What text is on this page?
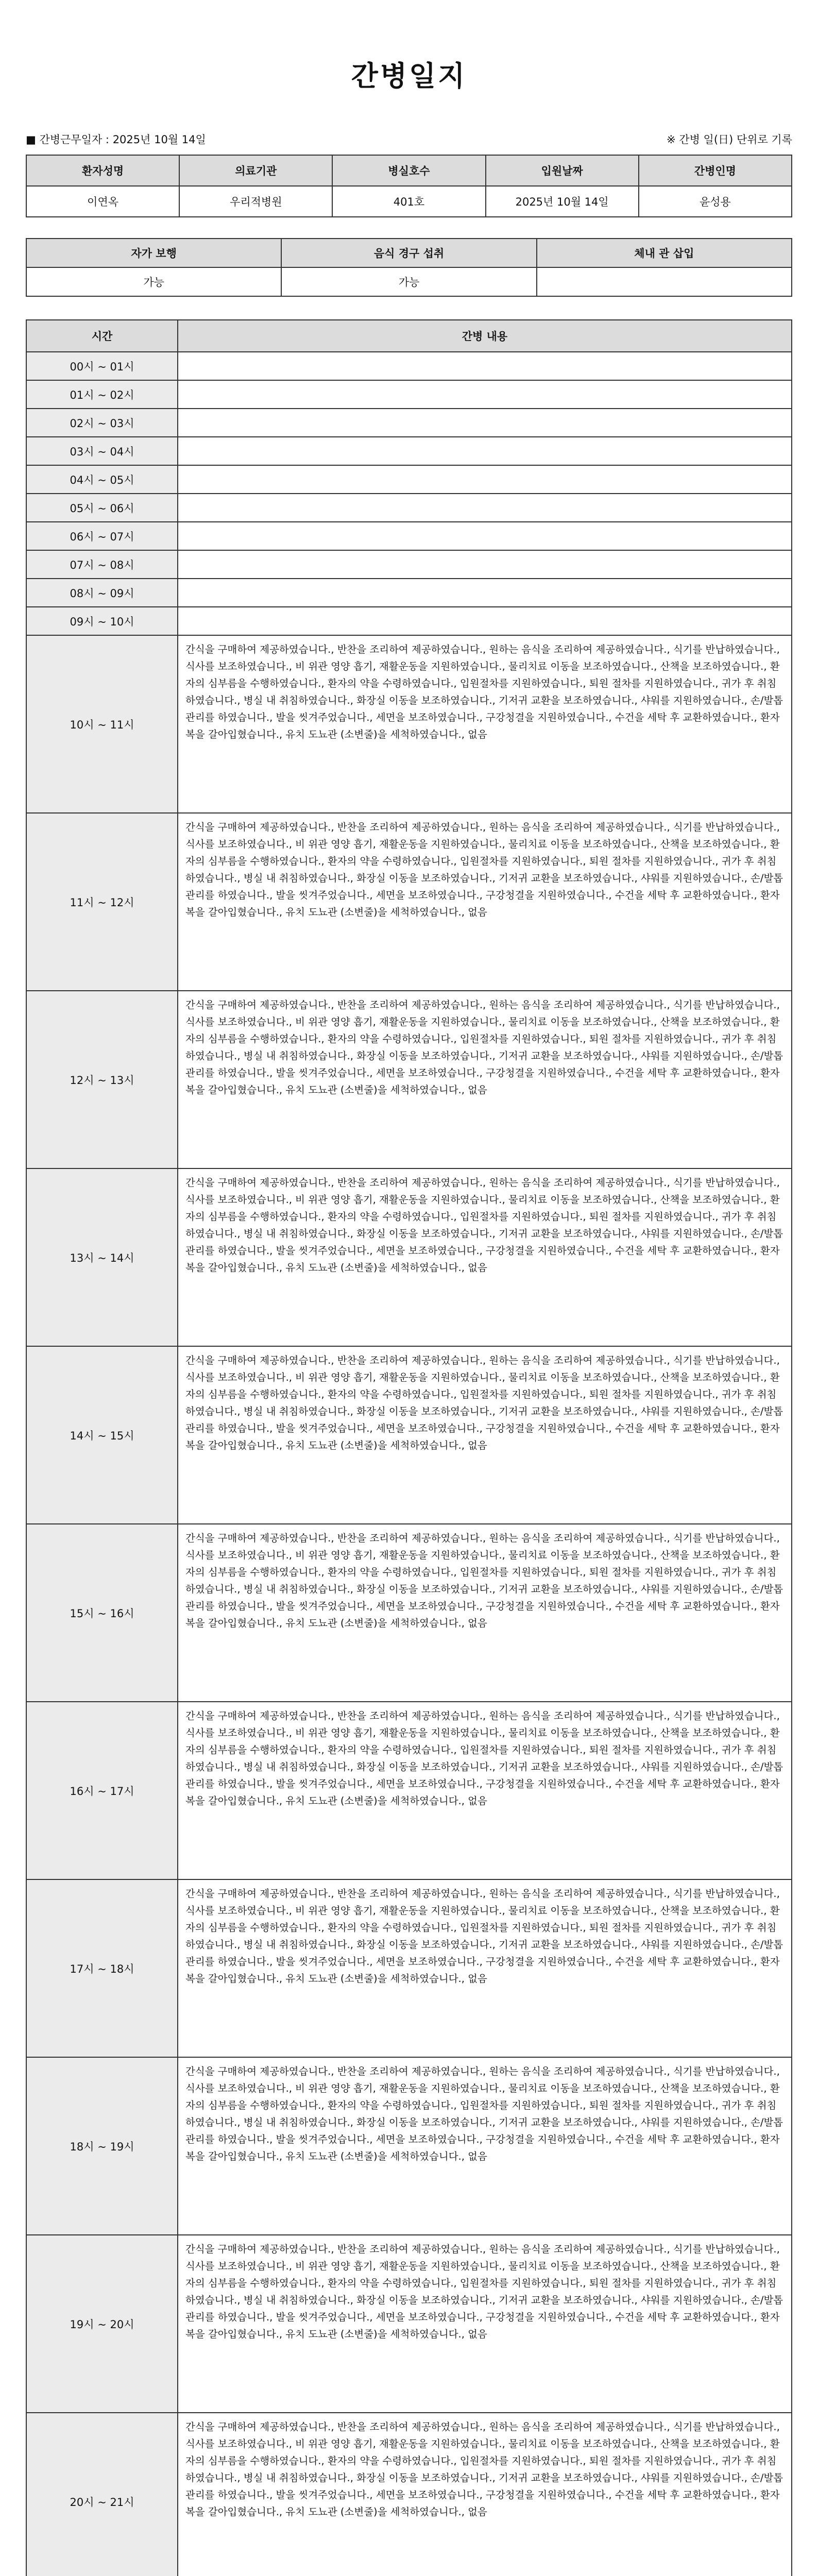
간병일지
■ 간병근무일자 : 2025년 10월 14일	※ 간병 일(日) 단위로 기록
환자성명	의료기관	병실호수	입원날짜	간병인명
이연옥	우리적병원	401호	2025년 10월 14일	윤성용
자가 보행	음식 경구 섭취	체내 관 삽입
가능	가능	
시간	간병 내용
00시 ~ 01시	
01시 ~ 02시	
02시 ~ 03시	
03시 ~ 04시	
04시 ~ 05시	
05시 ~ 06시	
06시 ~ 07시	
07시 ~ 08시	
08시 ~ 09시	
09시 ~ 10시	
10시 ~ 11시	간식을 구매하여 제공하였습니다., 반찬을 조리하여 제공하였습니다., 원하는 음식을 조리하여 제공하였습니다., 식기를 반납하였습니다., 식사를 보조하였습니다., 비 위관 영양 흡기, 재활운동을 지원하였습니다., 물리치료 이동을 보조하였습니다., 산책을 보조하였습니다., 환자의 심부름을 수행하였습니다., 환자의 약을 수령하였습니다., 입원절차를 지원하였습니다., 퇴원 절차를 지원하였습니다., 귀가 후 취침하였습니다., 병실 내 취침하였습니다., 화장실 이동을 보조하였습니다., 기저귀 교환을 보조하였습니다., 샤워를 지원하였습니다., 손/발톱 관리를 하였습니다., 발을 씻겨주었습니다., 세면을 보조하였습니다., 구강청결을 지원하였습니다., 수건을 세탁 후 교환하였습니다., 환자복을 갈아입혔습니다., 유치 도뇨관 (소변줄)을 세척하였습니다., 없음
11시 ~ 12시	간식을 구매하여 제공하였습니다., 반찬을 조리하여 제공하였습니다., 원하는 음식을 조리하여 제공하였습니다., 식기를 반납하였습니다., 식사를 보조하였습니다., 비 위관 영양 흡기, 재활운동을 지원하였습니다., 물리치료 이동을 보조하였습니다., 산책을 보조하였습니다., 환자의 심부름을 수행하였습니다., 환자의 약을 수령하였습니다., 입원절차를 지원하였습니다., 퇴원 절차를 지원하였습니다., 귀가 후 취침하였습니다., 병실 내 취침하였습니다., 화장실 이동을 보조하였습니다., 기저귀 교환을 보조하였습니다., 샤워를 지원하였습니다., 손/발톱 관리를 하였습니다., 발을 씻겨주었습니다., 세면을 보조하였습니다., 구강청결을 지원하였습니다., 수건을 세탁 후 교환하였습니다., 환자복을 갈아입혔습니다., 유치 도뇨관 (소변줄)을 세척하였습니다., 없음
12시 ~ 13시	간식을 구매하여 제공하였습니다., 반찬을 조리하여 제공하였습니다., 원하는 음식을 조리하여 제공하였습니다., 식기를 반납하였습니다., 식사를 보조하였습니다., 비 위관 영양 흡기, 재활운동을 지원하였습니다., 물리치료 이동을 보조하였습니다., 산책을 보조하였습니다., 환자의 심부름을 수행하였습니다., 환자의 약을 수령하였습니다., 입원절차를 지원하였습니다., 퇴원 절차를 지원하였습니다., 귀가 후 취침하였습니다., 병실 내 취침하였습니다., 화장실 이동을 보조하였습니다., 기저귀 교환을 보조하였습니다., 샤워를 지원하였습니다., 손/발톱 관리를 하였습니다., 발을 씻겨주었습니다., 세면을 보조하였습니다., 구강청결을 지원하였습니다., 수건을 세탁 후 교환하였습니다., 환자복을 갈아입혔습니다., 유치 도뇨관 (소변줄)을 세척하였습니다., 없음
13시 ~ 14시	간식을 구매하여 제공하였습니다., 반찬을 조리하여 제공하였습니다., 원하는 음식을 조리하여 제공하였습니다., 식기를 반납하였습니다., 식사를 보조하였습니다., 비 위관 영양 흡기, 재활운동을 지원하였습니다., 물리치료 이동을 보조하였습니다., 산책을 보조하였습니다., 환자의 심부름을 수행하였습니다., 환자의 약을 수령하였습니다., 입원절차를 지원하였습니다., 퇴원 절차를 지원하였습니다., 귀가 후 취침하였습니다., 병실 내 취침하였습니다., 화장실 이동을 보조하였습니다., 기저귀 교환을 보조하였습니다., 샤워를 지원하였습니다., 손/발톱 관리를 하였습니다., 발을 씻겨주었습니다., 세면을 보조하였습니다., 구강청결을 지원하였습니다., 수건을 세탁 후 교환하였습니다., 환자복을 갈아입혔습니다., 유치 도뇨관 (소변줄)을 세척하였습니다., 없음
14시 ~ 15시	간식을 구매하여 제공하였습니다., 반찬을 조리하여 제공하였습니다., 원하는 음식을 조리하여 제공하였습니다., 식기를 반납하였습니다., 식사를 보조하였습니다., 비 위관 영양 흡기, 재활운동을 지원하였습니다., 물리치료 이동을 보조하였습니다., 산책을 보조하였습니다., 환자의 심부름을 수행하였습니다., 환자의 약을 수령하였습니다., 입원절차를 지원하였습니다., 퇴원 절차를 지원하였습니다., 귀가 후 취침하였습니다., 병실 내 취침하였습니다., 화장실 이동을 보조하였습니다., 기저귀 교환을 보조하였습니다., 샤워를 지원하였습니다., 손/발톱 관리를 하였습니다., 발을 씻겨주었습니다., 세면을 보조하였습니다., 구강청결을 지원하였습니다., 수건을 세탁 후 교환하였습니다., 환자복을 갈아입혔습니다., 유치 도뇨관 (소변줄)을 세척하였습니다., 없음
15시 ~ 16시	간식을 구매하여 제공하였습니다., 반찬을 조리하여 제공하였습니다., 원하는 음식을 조리하여 제공하였습니다., 식기를 반납하였습니다., 식사를 보조하였습니다., 비 위관 영양 흡기, 재활운동을 지원하였습니다., 물리치료 이동을 보조하였습니다., 산책을 보조하였습니다., 환자의 심부름을 수행하였습니다., 환자의 약을 수령하였습니다., 입원절차를 지원하였습니다., 퇴원 절차를 지원하였습니다., 귀가 후 취침하였습니다., 병실 내 취침하였습니다., 화장실 이동을 보조하였습니다., 기저귀 교환을 보조하였습니다., 샤워를 지원하였습니다., 손/발톱 관리를 하였습니다., 발을 씻겨주었습니다., 세면을 보조하였습니다., 구강청결을 지원하였습니다., 수건을 세탁 후 교환하였습니다., 환자복을 갈아입혔습니다., 유치 도뇨관 (소변줄)을 세척하였습니다., 없음
16시 ~ 17시	간식을 구매하여 제공하였습니다., 반찬을 조리하여 제공하였습니다., 원하는 음식을 조리하여 제공하였습니다., 식기를 반납하였습니다., 식사를 보조하였습니다., 비 위관 영양 흡기, 재활운동을 지원하였습니다., 물리치료 이동을 보조하였습니다., 산책을 보조하였습니다., 환자의 심부름을 수행하였습니다., 환자의 약을 수령하였습니다., 입원절차를 지원하였습니다., 퇴원 절차를 지원하였습니다., 귀가 후 취침하였습니다., 병실 내 취침하였습니다., 화장실 이동을 보조하였습니다., 기저귀 교환을 보조하였습니다., 샤워를 지원하였습니다., 손/발톱 관리를 하였습니다., 발을 씻겨주었습니다., 세면을 보조하였습니다., 구강청결을 지원하였습니다., 수건을 세탁 후 교환하였습니다., 환자복을 갈아입혔습니다., 유치 도뇨관 (소변줄)을 세척하였습니다., 없음
17시 ~ 18시	간식을 구매하여 제공하였습니다., 반찬을 조리하여 제공하였습니다., 원하는 음식을 조리하여 제공하였습니다., 식기를 반납하였습니다., 식사를 보조하였습니다., 비 위관 영양 흡기, 재활운동을 지원하였습니다., 물리치료 이동을 보조하였습니다., 산책을 보조하였습니다., 환자의 심부름을 수행하였습니다., 환자의 약을 수령하였습니다., 입원절차를 지원하였습니다., 퇴원 절차를 지원하였습니다., 귀가 후 취침하였습니다., 병실 내 취침하였습니다., 화장실 이동을 보조하였습니다., 기저귀 교환을 보조하였습니다., 샤워를 지원하였습니다., 손/발톱 관리를 하였습니다., 발을 씻겨주었습니다., 세면을 보조하였습니다., 구강청결을 지원하였습니다., 수건을 세탁 후 교환하였습니다., 환자복을 갈아입혔습니다., 유치 도뇨관 (소변줄)을 세척하였습니다., 없음
18시 ~ 19시	간식을 구매하여 제공하였습니다., 반찬을 조리하여 제공하였습니다., 원하는 음식을 조리하여 제공하였습니다., 식기를 반납하였습니다., 식사를 보조하였습니다., 비 위관 영양 흡기, 재활운동을 지원하였습니다., 물리치료 이동을 보조하였습니다., 산책을 보조하였습니다., 환자의 심부름을 수행하였습니다., 환자의 약을 수령하였습니다., 입원절차를 지원하였습니다., 퇴원 절차를 지원하였습니다., 귀가 후 취침하였습니다., 병실 내 취침하였습니다., 화장실 이동을 보조하였습니다., 기저귀 교환을 보조하였습니다., 샤워를 지원하였습니다., 손/발톱 관리를 하였습니다., 발을 씻겨주었습니다., 세면을 보조하였습니다., 구강청결을 지원하였습니다., 수건을 세탁 후 교환하였습니다., 환자복을 갈아입혔습니다., 유치 도뇨관 (소변줄)을 세척하였습니다., 없음
19시 ~ 20시	간식을 구매하여 제공하였습니다., 반찬을 조리하여 제공하였습니다., 원하는 음식을 조리하여 제공하였습니다., 식기를 반납하였습니다., 식사를 보조하였습니다., 비 위관 영양 흡기, 재활운동을 지원하였습니다., 물리치료 이동을 보조하였습니다., 산책을 보조하였습니다., 환자의 심부름을 수행하였습니다., 환자의 약을 수령하였습니다., 입원절차를 지원하였습니다., 퇴원 절차를 지원하였습니다., 귀가 후 취침하였습니다., 병실 내 취침하였습니다., 화장실 이동을 보조하였습니다., 기저귀 교환을 보조하였습니다., 샤워를 지원하였습니다., 손/발톱 관리를 하였습니다., 발을 씻겨주었습니다., 세면을 보조하였습니다., 구강청결을 지원하였습니다., 수건을 세탁 후 교환하였습니다., 환자복을 갈아입혔습니다., 유치 도뇨관 (소변줄)을 세척하였습니다., 없음
20시 ~ 21시	간식을 구매하여 제공하였습니다., 반찬을 조리하여 제공하였습니다., 원하는 음식을 조리하여 제공하였습니다., 식기를 반납하였습니다., 식사를 보조하였습니다., 비 위관 영양 흡기, 재활운동을 지원하였습니다., 물리치료 이동을 보조하였습니다., 산책을 보조하였습니다., 환자의 심부름을 수행하였습니다., 환자의 약을 수령하였습니다., 입원절차를 지원하였습니다., 퇴원 절차를 지원하였습니다., 귀가 후 취침하였습니다., 병실 내 취침하였습니다., 화장실 이동을 보조하였습니다., 기저귀 교환을 보조하였습니다., 샤워를 지원하였습니다., 손/발톱 관리를 하였습니다., 발을 씻겨주었습니다., 세면을 보조하였습니다., 구강청결을 지원하였습니다., 수건을 세탁 후 교환하였습니다., 환자복을 갈아입혔습니다., 유치 도뇨관 (소변줄)을 세척하였습니다., 없음
